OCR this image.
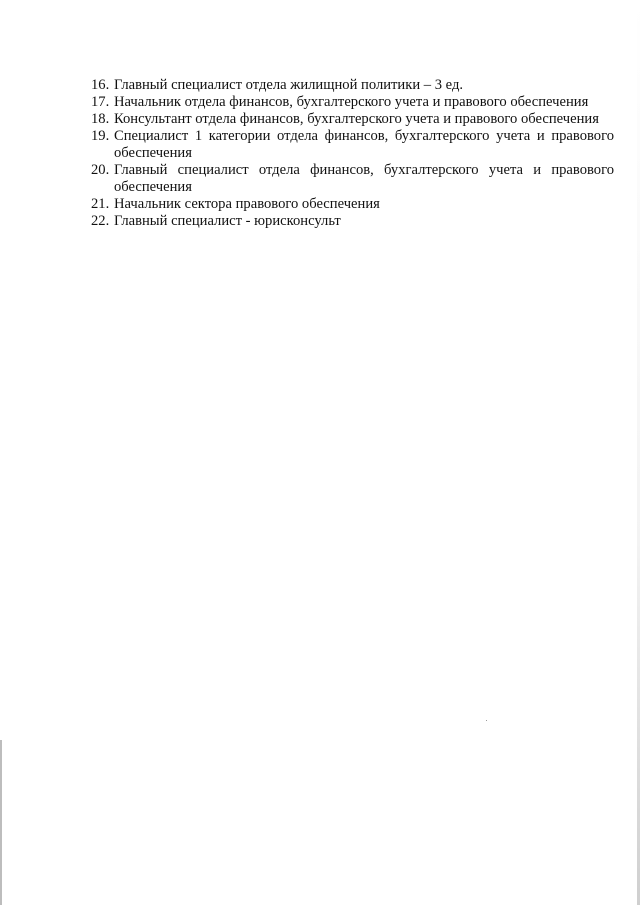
16. Главный специалист отдела жилищной политики – 3 ед.
17. Начальник отдела финансов, бухгалтерского учета и правового обеспечения
18. Консультант отдела финансов, бухгалтерского учета и правового обеспечения
19. Специалист 1 категории отдела финансов, бухгалтерского учета и правового обеспечения
20. Главный специалист отдела финансов, бухгалтерского учета и правового обеспечения
21. Начальник сектора правового обеспечения
22. Главный специалист - юрисконсульт
